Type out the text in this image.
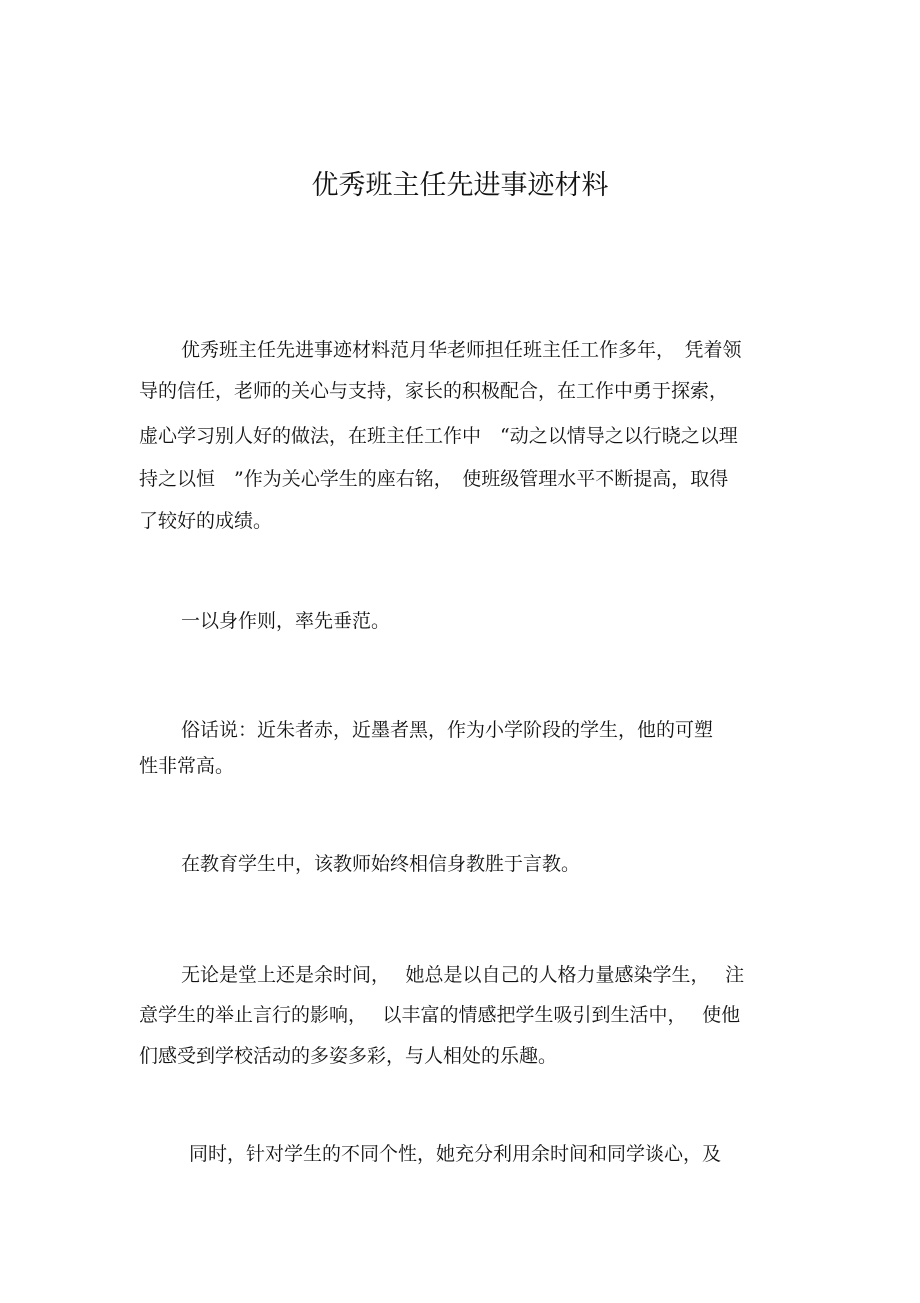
优秀班主任先进事迹材料
优秀班主任先进事迹材料范月华老师担任班主任工作多年，　凭着领
导的信任，老师的关心与支持，家长的积极配合，在工作中勇于探索，
虚心学习别人好的做法，在班主任工作中　“动之以情导之以行晓之以理
持之以恒　”作为关心学生的座右铭，　使班级管理水平不断提高，取得
了较好的成绩。
一以身作则，率先垂范。
俗话说：近朱者赤，近墨者黑，作为小学阶段的学生，他的可塑
性非常高。
在教育学生中，该教师始终相信身教胜于言教。
无论是堂上还是余时间，　 她总是以自己的人格力量感染学生，　 注
意学生的举止言行的影响，　 以丰富的情感把学生吸引到生活中，　 使他
们感受到学校活动的多姿多彩，与人相处的乐趣。
同时，针对学生的不同个性，她充分利用余时间和同学谈心，及
